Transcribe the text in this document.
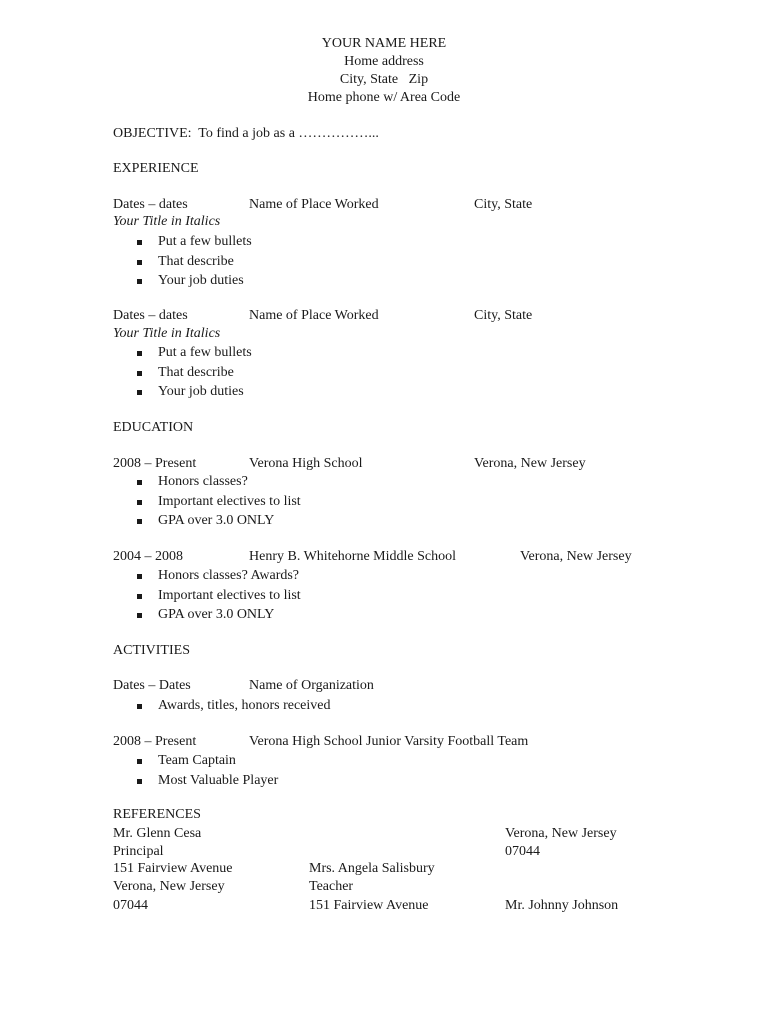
YOUR NAME HERE
Home address
City, State   Zip
Home phone w/ Area Code
OBJECTIVE:  To find a job as a ……………...
EXPERIENCE
Dates – dates	Name of Place Worked	City, State
Your Title in Italics
Put a few bullets
That describe
Your job duties
Dates – dates	Name of Place Worked	City, State
Your Title in Italics
Put a few bullets
That describe
Your job duties
EDUCATION
2008 – Present	Verona High School	Verona, New Jersey
Honors classes?
Important electives to list
GPA over 3.0 ONLY
2004 – 2008	Henry B. Whitehorne Middle School	Verona, New Jersey
Honors classes? Awards?
Important electives to list
GPA over 3.0 ONLY
ACTIVITIES
Dates – Dates	Name of Organization
Awards, titles, honors received
2008 – Present	Verona High School Junior Varsity Football Team
Team Captain
Most Valuable Player
REFERENCES
Mr. Glenn Cesa
Principal
151 Fairview Avenue
Verona, New Jersey
07044
Mrs. Angela Salisbury
Teacher
151 Fairview Avenue
Verona, New Jersey
07044
Mr. Johnny Johnson
